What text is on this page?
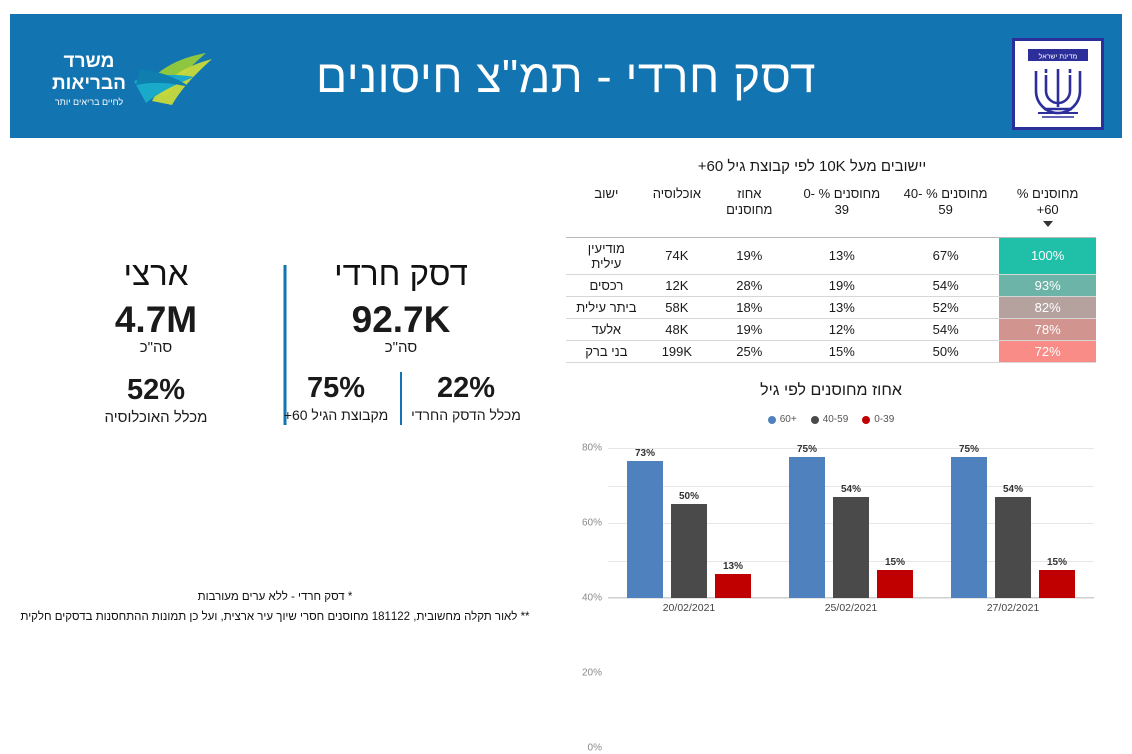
משרד
הבריאות
לחיים בריאים יותר	דסק חרדי - תמ"צ חיסונים	מדינת ישראל
דסק חרדי
92.7K
סה"כ
22%
מכלל הדסק החרדי
75%
מקבוצת הגיל 60+
ארצי
4.7M
סה"כ
52%
מכלל האוכלוסיה
* דסק חרדי - ללא ערים מעורבות
** לאור תקלה מחשובית, 181122 מחוסנים חסרי שיוך עיר ארצית, ועל כן תמונות ההתחסנות בדסקים חלקית
יישובים מעל 10K לפי קבוצת גיל 60+
מחוסנים % 60+	מחוסנים % 40-59	מחוסנים % 0-39	אחוז מחוסנים	אוכלוסיה	ישוב
100%	67%	13%	19%	74K	מודיעין עילית
93%	54%	19%	28%	12K	רכסים
82%	52%	13%	18%	58K	ביתר עילית
78%	54%	12%	19%	48K	אלעד
72%	50%	15%	25%	199K	בני ברק
אחוז מחוסנים לפי גיל
60+	40-59	0-39
0%
20%
40%
60%
80%
73%
50%
13%
20/02/2021
75%
54%
15%
25/02/2021
75%
54%
15%
27/02/2021
